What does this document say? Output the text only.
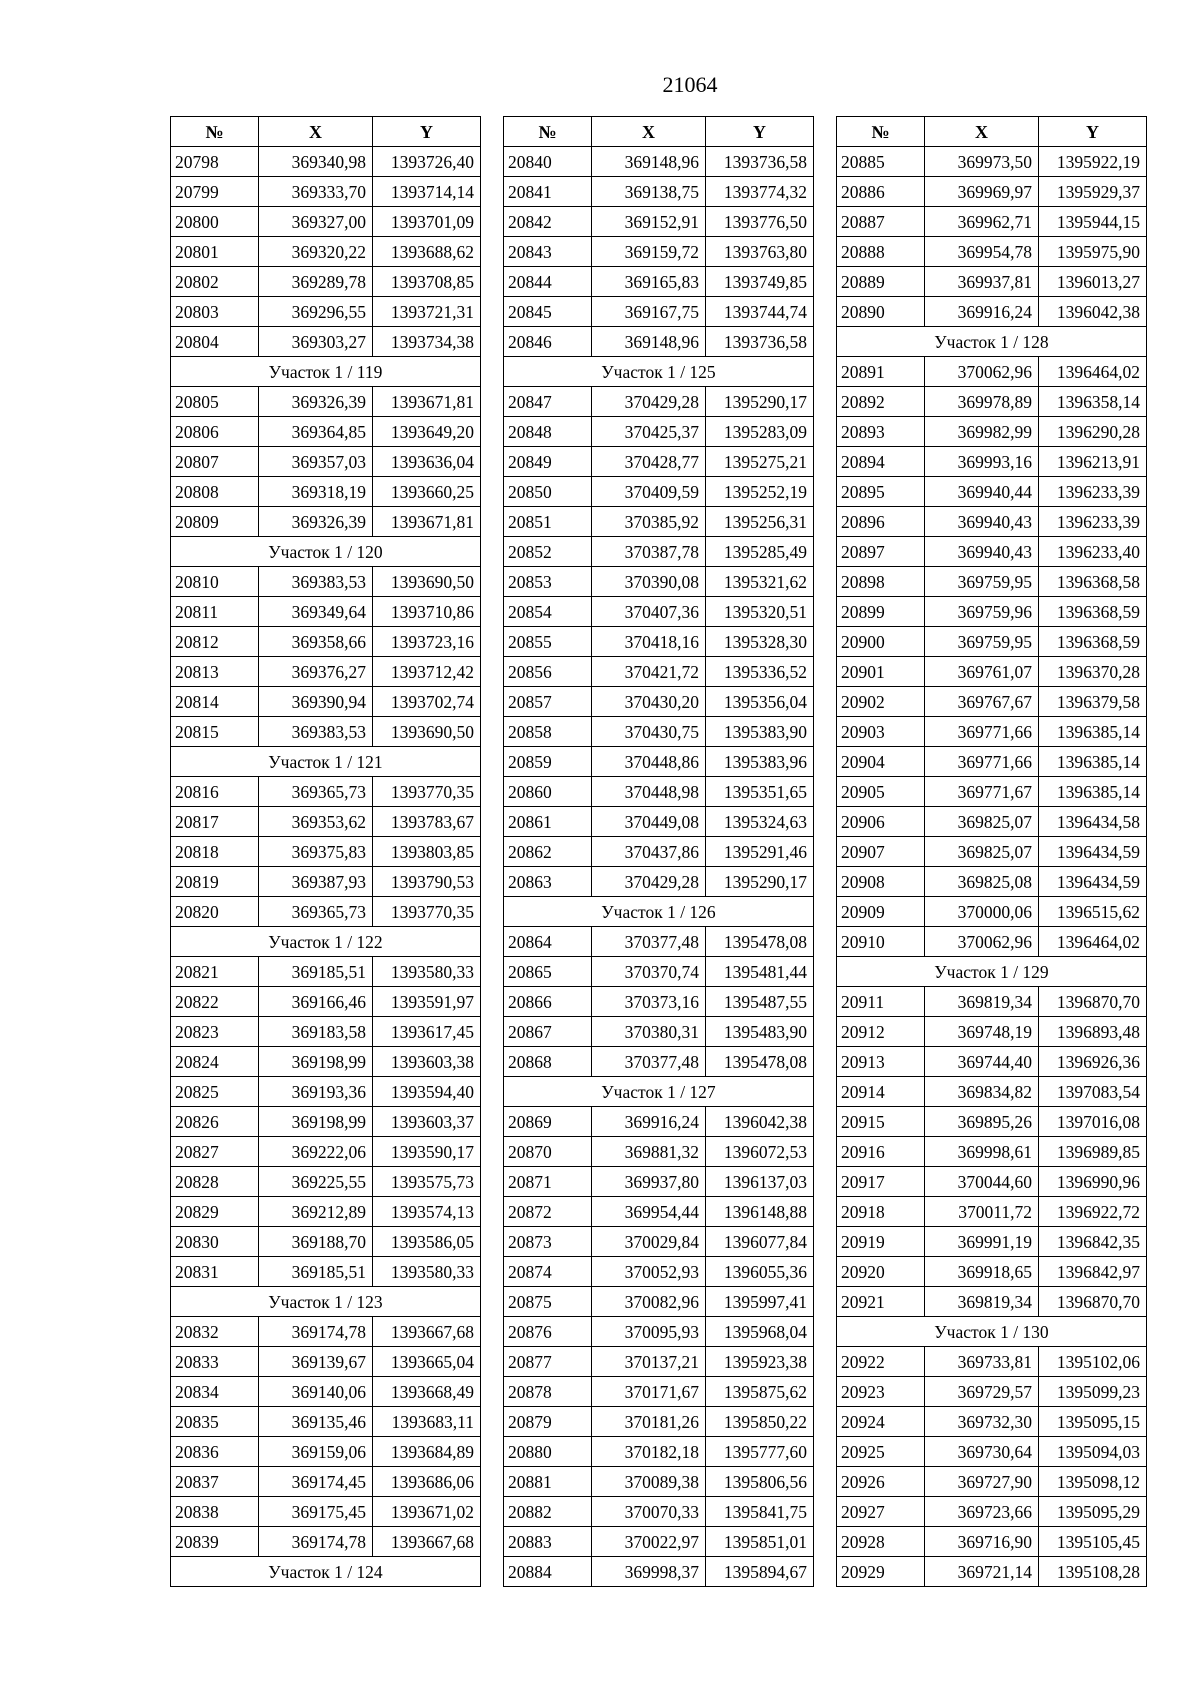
21064
№	X	Y
20798	369340,98	1393726,40
20799	369333,70	1393714,14
20800	369327,00	1393701,09
20801	369320,22	1393688,62
20802	369289,78	1393708,85
20803	369296,55	1393721,31
20804	369303,27	1393734,38
Участок 1 / 119		
20805	369326,39	1393671,81
20806	369364,85	1393649,20
20807	369357,03	1393636,04
20808	369318,19	1393660,25
20809	369326,39	1393671,81
Участок 1 / 120		
20810	369383,53	1393690,50
20811	369349,64	1393710,86
20812	369358,66	1393723,16
20813	369376,27	1393712,42
20814	369390,94	1393702,74
20815	369383,53	1393690,50
Участок 1 / 121		
20816	369365,73	1393770,35
20817	369353,62	1393783,67
20818	369375,83	1393803,85
20819	369387,93	1393790,53
20820	369365,73	1393770,35
Участок 1 / 122		
20821	369185,51	1393580,33
20822	369166,46	1393591,97
20823	369183,58	1393617,45
20824	369198,99	1393603,38
20825	369193,36	1393594,40
20826	369198,99	1393603,37
20827	369222,06	1393590,17
20828	369225,55	1393575,73
20829	369212,89	1393574,13
20830	369188,70	1393586,05
20831	369185,51	1393580,33
Участок 1 / 123		
20832	369174,78	1393667,68
20833	369139,67	1393665,04
20834	369140,06	1393668,49
20835	369135,46	1393683,11
20836	369159,06	1393684,89
20837	369174,45	1393686,06
20838	369175,45	1393671,02
20839	369174,78	1393667,68
Участок 1 / 124		
№	X	Y
20840	369148,96	1393736,58
20841	369138,75	1393774,32
20842	369152,91	1393776,50
20843	369159,72	1393763,80
20844	369165,83	1393749,85
20845	369167,75	1393744,74
20846	369148,96	1393736,58
Участок 1 / 125		
20847	370429,28	1395290,17
20848	370425,37	1395283,09
20849	370428,77	1395275,21
20850	370409,59	1395252,19
20851	370385,92	1395256,31
20852	370387,78	1395285,49
20853	370390,08	1395321,62
20854	370407,36	1395320,51
20855	370418,16	1395328,30
20856	370421,72	1395336,52
20857	370430,20	1395356,04
20858	370430,75	1395383,90
20859	370448,86	1395383,96
20860	370448,98	1395351,65
20861	370449,08	1395324,63
20862	370437,86	1395291,46
20863	370429,28	1395290,17
Участок 1 / 126		
20864	370377,48	1395478,08
20865	370370,74	1395481,44
20866	370373,16	1395487,55
20867	370380,31	1395483,90
20868	370377,48	1395478,08
Участок 1 / 127		
20869	369916,24	1396042,38
20870	369881,32	1396072,53
20871	369937,80	1396137,03
20872	369954,44	1396148,88
20873	370029,84	1396077,84
20874	370052,93	1396055,36
20875	370082,96	1395997,41
20876	370095,93	1395968,04
20877	370137,21	1395923,38
20878	370171,67	1395875,62
20879	370181,26	1395850,22
20880	370182,18	1395777,60
20881	370089,38	1395806,56
20882	370070,33	1395841,75
20883	370022,97	1395851,01
20884	369998,37	1395894,67
№	X	Y
20885	369973,50	1395922,19
20886	369969,97	1395929,37
20887	369962,71	1395944,15
20888	369954,78	1395975,90
20889	369937,81	1396013,27
20890	369916,24	1396042,38
Участок 1 / 128		
20891	370062,96	1396464,02
20892	369978,89	1396358,14
20893	369982,99	1396290,28
20894	369993,16	1396213,91
20895	369940,44	1396233,39
20896	369940,43	1396233,39
20897	369940,43	1396233,40
20898	369759,95	1396368,58
20899	369759,96	1396368,59
20900	369759,95	1396368,59
20901	369761,07	1396370,28
20902	369767,67	1396379,58
20903	369771,66	1396385,14
20904	369771,66	1396385,14
20905	369771,67	1396385,14
20906	369825,07	1396434,58
20907	369825,07	1396434,59
20908	369825,08	1396434,59
20909	370000,06	1396515,62
20910	370062,96	1396464,02
Участок 1 / 129		
20911	369819,34	1396870,70
20912	369748,19	1396893,48
20913	369744,40	1396926,36
20914	369834,82	1397083,54
20915	369895,26	1397016,08
20916	369998,61	1396989,85
20917	370044,60	1396990,96
20918	370011,72	1396922,72
20919	369991,19	1396842,35
20920	369918,65	1396842,97
20921	369819,34	1396870,70
Участок 1 / 130		
20922	369733,81	1395102,06
20923	369729,57	1395099,23
20924	369732,30	1395095,15
20925	369730,64	1395094,03
20926	369727,90	1395098,12
20927	369723,66	1395095,29
20928	369716,90	1395105,45
20929	369721,14	1395108,28
